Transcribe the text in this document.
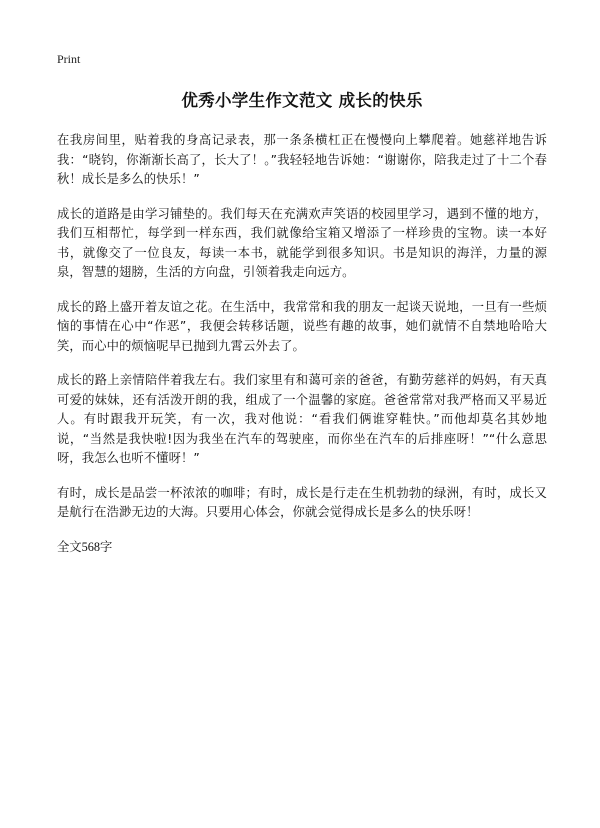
Print
优秀小学生作文范文 成长的快乐

在我房间里，贴着我的身高记录表，那一条条横杠正在慢慢向上攀爬着。她慈祥地告诉我：“晓钧，你渐渐长高了，长大了！。”我轻轻地告诉她：“谢谢你，陪我走过了十二个春秋！成长是多么的快乐！”

成长的道路是由学习铺垫的。我们每天在充满欢声笑语的校园里学习，遇到不懂的地方，我们互相帮忙，每学到一样东西，我们就像给宝箱又增添了一样珍贵的宝物。读一本好书，就像交了一位良友，每读一本书，就能学到很多知识。书是知识的海洋，力量的源泉，智慧的翅膀，生活的方向盘，引领着我走向远方。

成长的路上盛开着友谊之花。在生活中，我常常和我的朋友一起谈天说地，一旦有一些烦恼的事情在心中“作恶”，我便会转移话题，说些有趣的故事，她们就情不自禁地哈哈大笑，而心中的烦恼呢早已抛到九霄云外去了。

成长的路上亲情陪伴着我左右。我们家里有和蔼可亲的爸爸，有勤劳慈祥的妈妈，有天真可爱的妹妹，还有活泼开朗的我，组成了一个温馨的家庭。爸爸常常对我严格而又平易近人。有时跟我开玩笑，有一次，我对他说：“看我们俩谁穿鞋快。”而他却莫名其妙地说，“当然是我快啦!因为我坐在汽车的驾驶座，而你坐在汽车的后排座呀！”“什么意思呀，我怎么也听不懂呀！”

有时，成长是品尝一杯浓浓的咖啡；有时，成长是行走在生机勃勃的绿洲，有时，成长又是航行在浩渺无边的大海。只要用心体会，你就会觉得成长是多么的快乐呀！

全文568字
